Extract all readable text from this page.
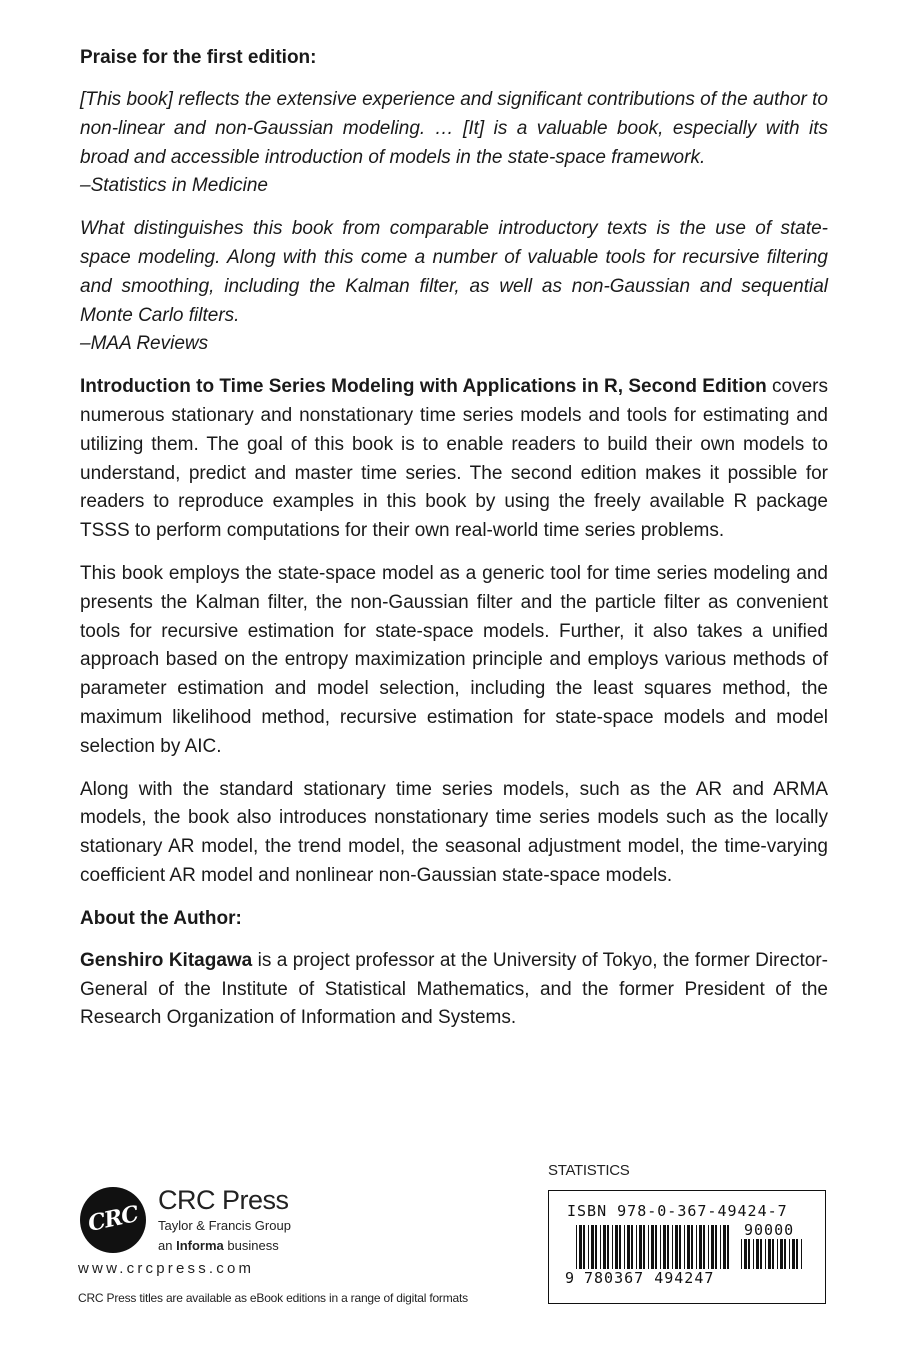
Praise for the first edition:

[This book] reflects the extensive experience and significant contributions of the author to non-linear and non-Gaussian modeling. … [It] is a valuable book, especially with its broad and accessible introduction of models in the state-space framework.

–Statistics in Medicine

What distinguishes this book from comparable introductory texts is the use of state-space modeling. Along with this come a number of valuable tools for recursive filtering and smoothing, including the Kalman filter, as well as non-Gaussian and sequential Monte Carlo filters.

–MAA Reviews

Introduction to Time Series Modeling with Applications in R, Second Edition covers numerous stationary and nonstationary time series models and tools for estimating and utilizing them. The goal of this book is to enable readers to build their own models to understand, predict and master time series. The second edition makes it possible for readers to reproduce examples in this book by using the freely available R package TSSS to perform computations for their own real-world time series problems.

This book employs the state-space model as a generic tool for time series modeling and presents the Kalman filter, the non-Gaussian filter and the particle filter as convenient tools for recursive estimation for state-space models. Further, it also takes a unified approach based on the entropy maximization principle and employs various methods of parameter estimation and model selection, including the least squares method, the maximum likelihood method, recursive estimation for state-space models and model selection by AIC.

Along with the standard stationary time series models, such as the AR and ARMA models, the book also introduces nonstationary time series models such as the locally stationary AR model, the trend model, the seasonal adjustment model, the time-varying coefficient AR model and nonlinear non-Gaussian state-space models.

About the Author:

Genshiro Kitagawa is a project professor at the University of Tokyo, the former Director-General of the Institute of Statistical Mathematics, and the former President of the Research Organization of Information and Systems.

CRC
CRC Press
Taylor & Francis Group
an Informa business
www.crcpress.com
CRC Press titles are available as eBook editions in a range of digital formats
STATISTICS
ISBN 978-0-367-49424-7
90000
9 780367 494247
